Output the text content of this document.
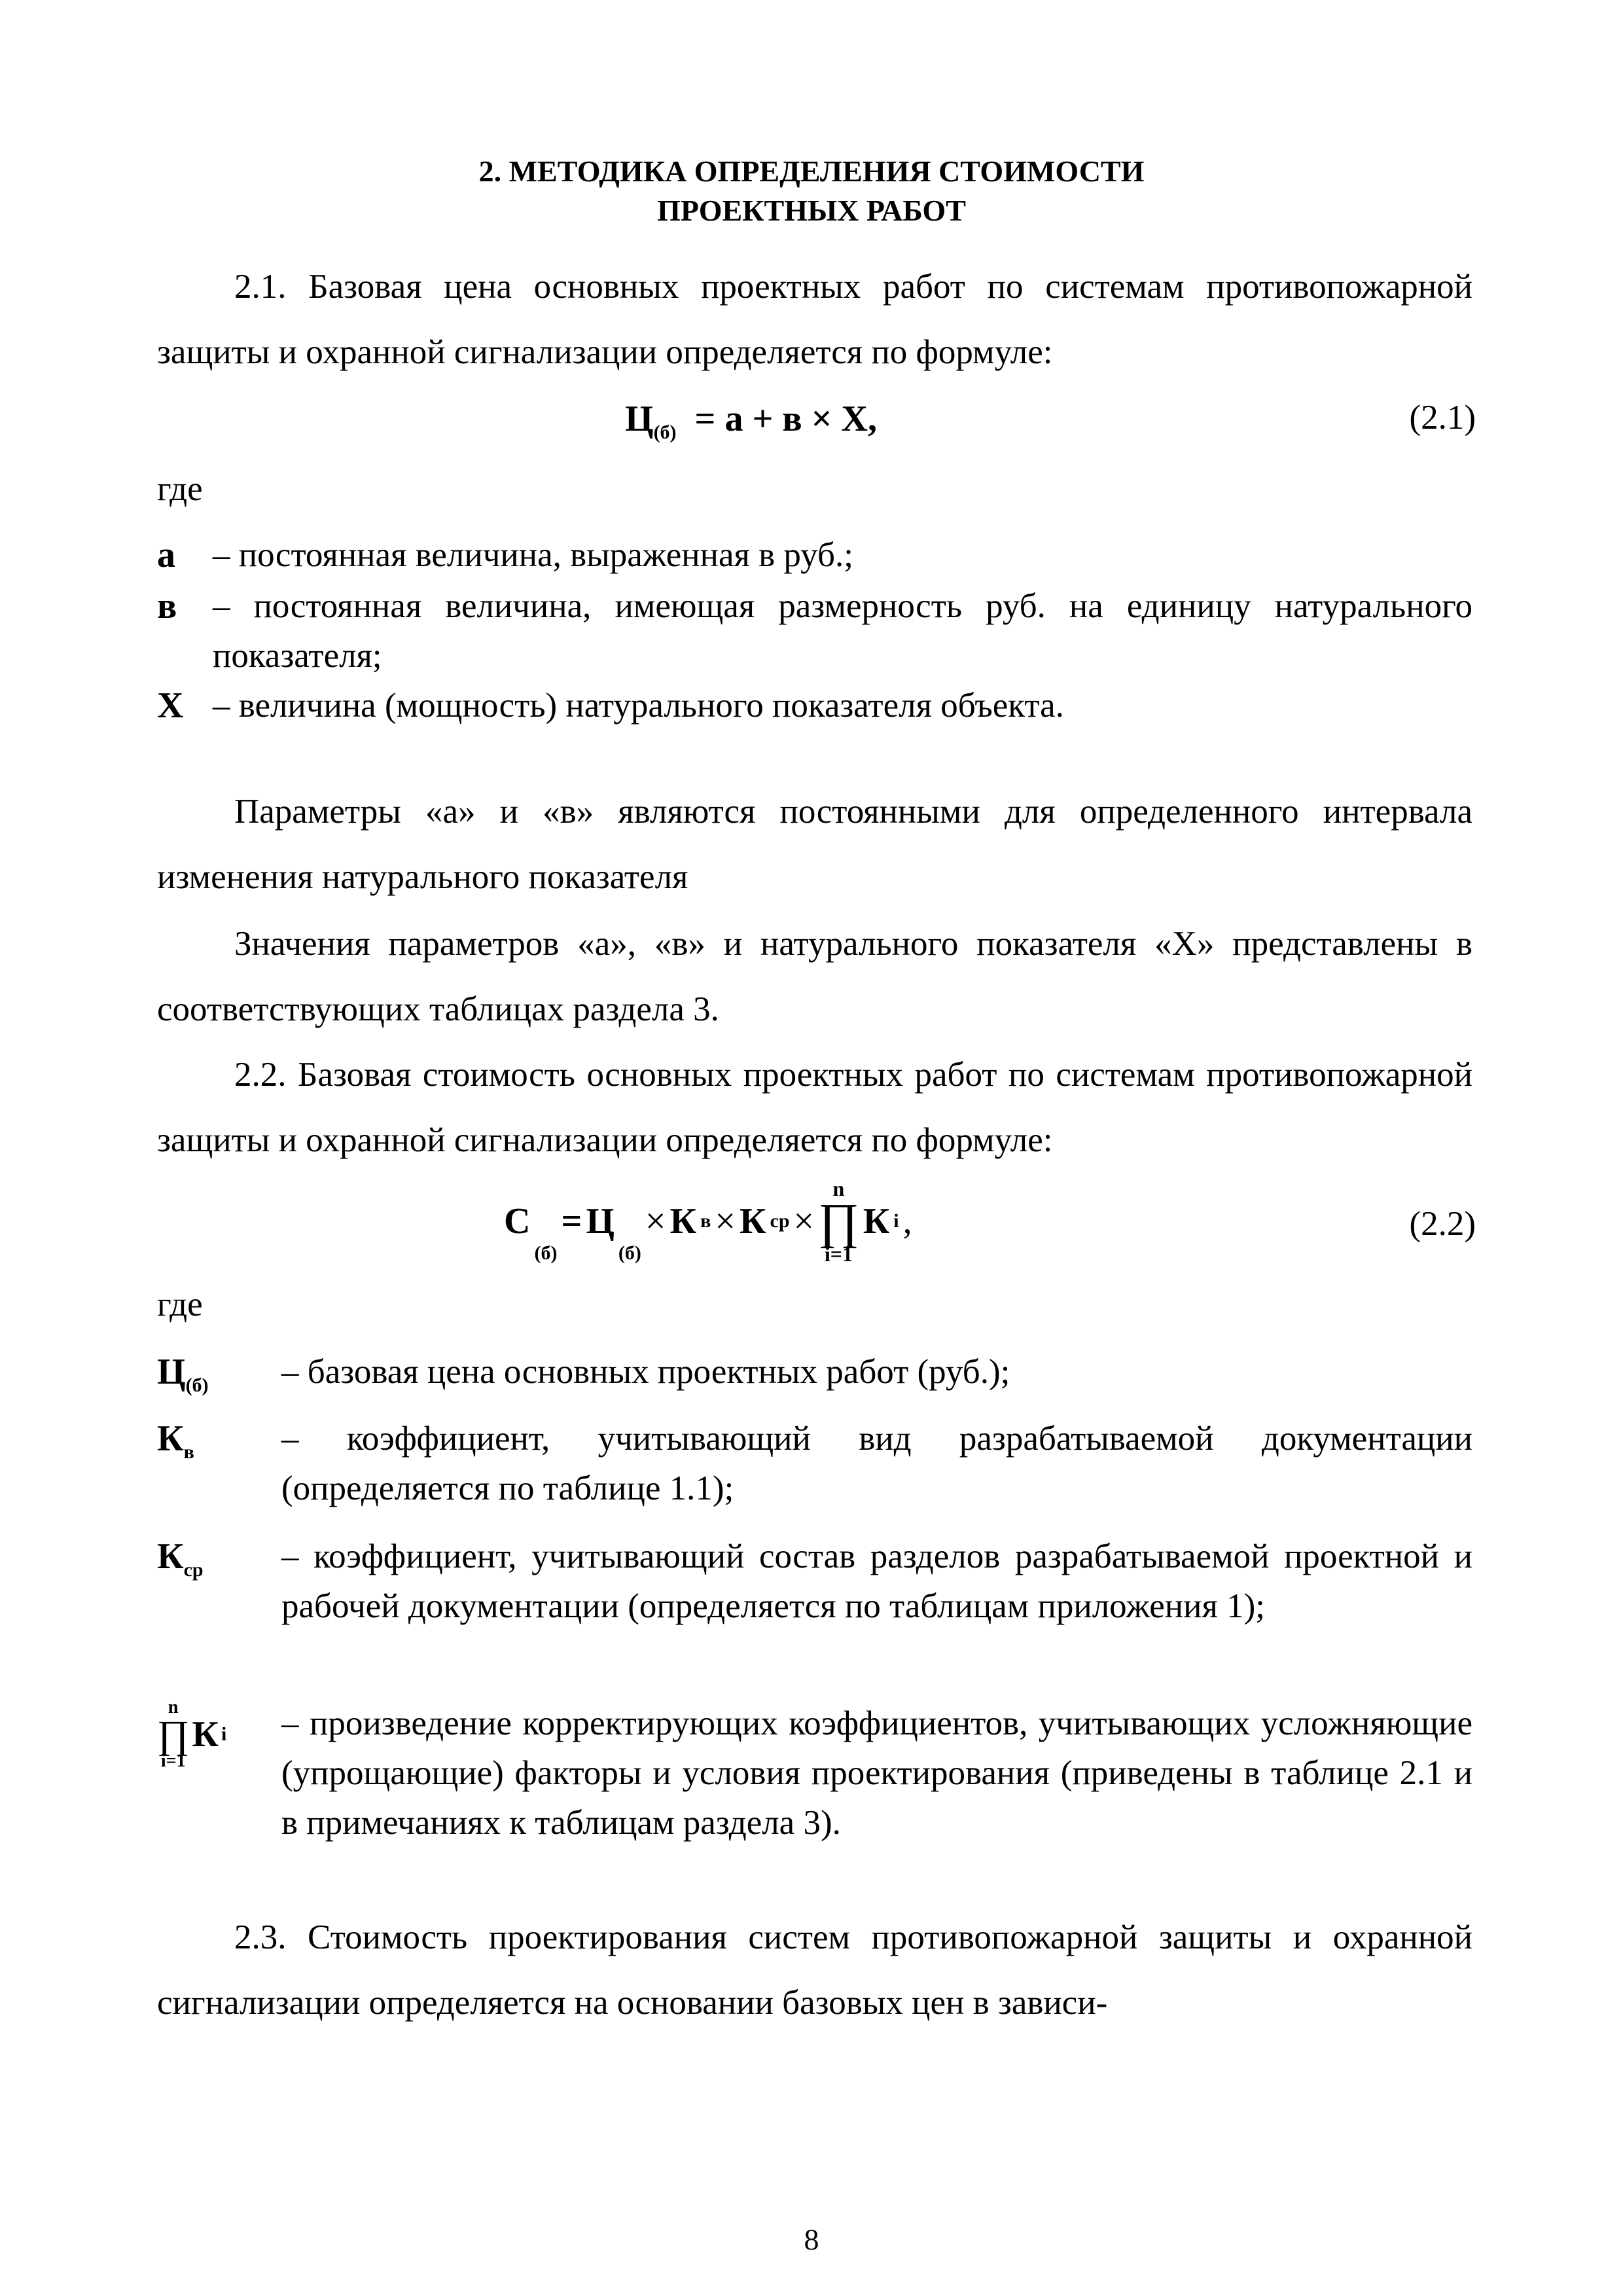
2. МЕТОДИКА ОПРЕДЕЛЕНИЯ СТОИМОСТИ
ПРОЕКТНЫХ РАБОТ
2.1. Базовая цена основных проектных работ по системам противопожарной защиты и охранной сигнализации определяется по формуле:
$Ц_{(б)} = а + в \times Х$,	(2.1)
где
а – постоянная величина, выраженная в руб.;
в – постоянная величина, имеющая размерность руб. на единицу натурального показателя;
Х – величина (мощность) натурального показателя объекта.
Параметры «а» и «в» являются постоянными для определенного интервала изменения натурального показателя
Значения параметров «а», «в» и натурального показателя «Х» представлены в соответствующих таблицах раздела 3.
2.2. Базовая стоимость основных проектных работ по системам противопожарной защиты и охранной сигнализации определяется по формуле:
С
(б)
= Ц
(б)
× К в × К ср ×
n
∏
i=1
К i ,	(2.2)
где
$Ц_{(б)}$ – базовая цена основных проектных работ (руб.);
$К_в$	– коэффициент, учитывающий вид разрабатываемой документации (определяется по таблице 1.1);
$К_{ср}$ – коэффициент, учитывающий состав разделов разрабатываемой проектной и рабочей документации (определяется по таблицам приложения 1);
n
∏
i=1
К i – произведение корректирующих коэффициентов, учитывающих усложняющие (упрощающие) факторы и условия проектирования (приведены в таблице 2.1 и в примечаниях к таблицам раздела 3).
2.3. Стоимость проектирования систем противопожарной защиты и охранной сигнализации определяется на основании базовых цен в зависи-
8
